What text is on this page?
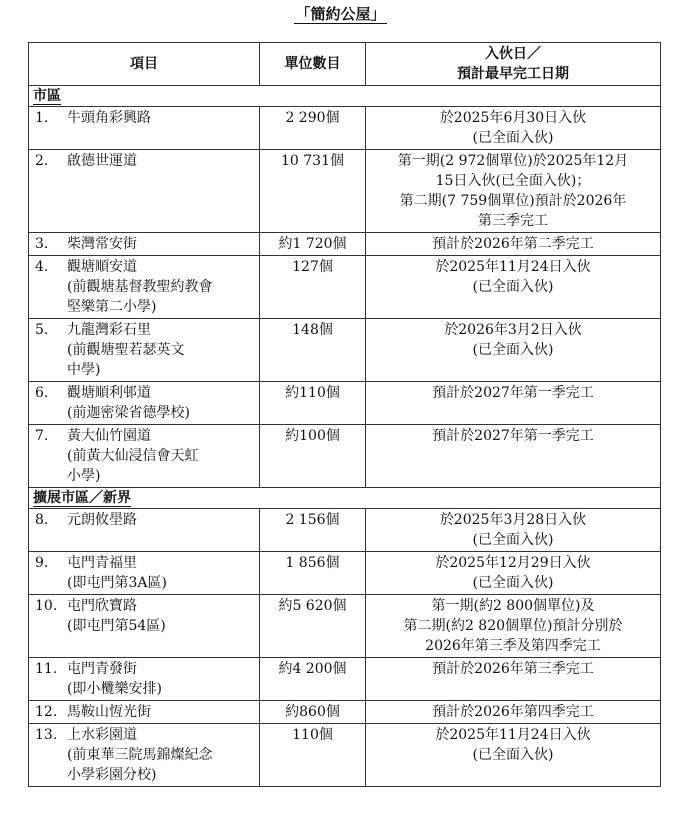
「簡約公屋」
項目	單位數目	入伙日／
預計最早完工日期

市區		

1. 牛頭角彩興路	2 290個	於2025年6月30日入伙
(已全面入伙)

2. 啟德世運道	10 731個	第一期(2 972個單位)於2025年12月
15日入伙(已全面入伙)；
第二期(7 759個單位)預計於2026年
第三季完工

3. 柴灣常安街	約1 720個	預計於2026年第二季完工

4. 觀塘順安道
(前觀塘基督教聖約教會
堅樂第二小學)	127個	於2025年11月24日入伙
(已全面入伙)

5. 九龍灣彩石里
(前觀塘聖若瑟英文
中學)	148個	於2026年3月2日入伙
(已全面入伙)

6. 觀塘順利邨道
(前迦密梁省德學校)	約110個	預計於2027年第一季完工

7. 黃大仙竹園道
(前黃大仙浸信會天虹
小學)	約100個	預計於2027年第一季完工

擴展市區／新界		

8. 元朗攸壆路	2 156個	於2025年3月28日入伙
(已全面入伙)

9. 屯門青福里
(即屯門第3A區)	1 856個	於2025年12月29日入伙
(已全面入伙)

10. 屯門欣寶路
(即屯門第54區)	約5 620個	第一期(約2 800個單位)及
第二期(約2 820個單位)預計分別於
2026年第三季及第四季完工

11. 屯門青發街
(即小欖樂安排)	約4 200個	預計於2026年第三季完工

12. 馬鞍山恆光街	約860個	預計於2026年第四季完工

13. 上水彩園道
(前東華三院馬錦燦紀念
小學彩園分校)	110個	於2025年11月24日入伙
(已全面入伙)
